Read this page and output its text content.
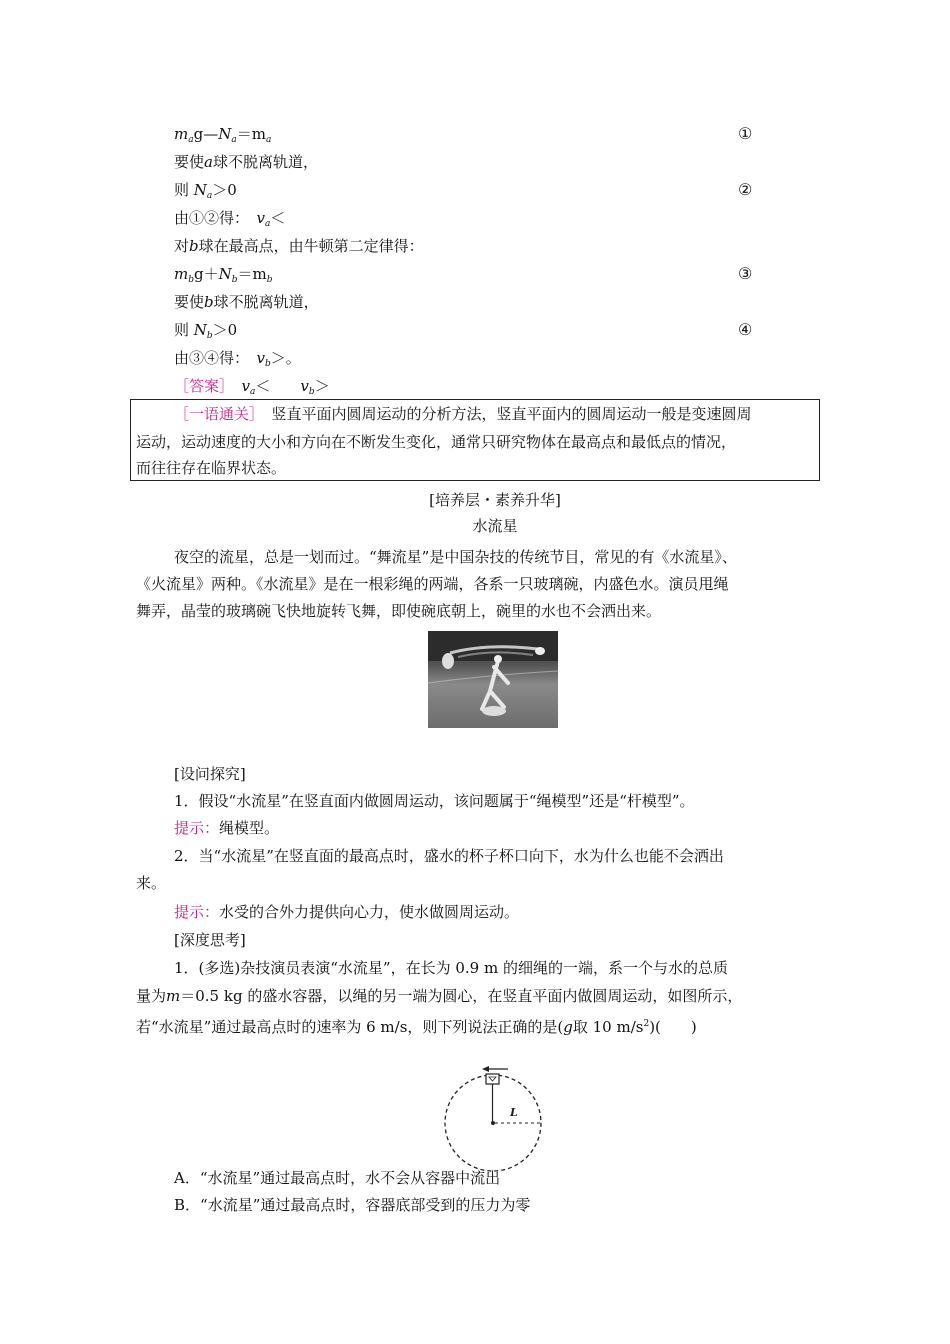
$m_ag—N_a=m_a$	①
要使a球不脱离轨道，
则 $N_a>0$	②
由①②得：　 $v_a<$
对b球在最高点，由牛顿第二定律得：
$m_bg+N_b=m_b$	③
要使b球不脱离轨道，
则 $N_b>0$	④
由③④得：　 $v_b>$。
［答案］　 $v_a<$　　 $v_b>$
［一语通关］　 竖直平面内圆周运动的分析方法，竖直平面内的圆周运动一般是变速圆周
运动，运动速度的大小和方向在不断发生变化，通常只研究物体在最高点和最低点的情况，
而往往存在临界状态。
[培养层・素养升华]
水流星
夜空的流星，总是一划而过。“舞流星”是中国杂技的传统节目，常见的有《水流星》、
《火流星》两种。《水流星》是在一根彩绳的两端，各系一只玻璃碗，内盛色水。演员甩绳
舞弄，晶莹的玻璃碗飞快地旋转飞舞，即使碗底朝上，碗里的水也不会洒出来。
[设问探究]
1．假设“水流星”在竖直面内做圆周运动，该问题属于“绳模型”还是“杆模型”。
提示：绳模型。
2．当“水流星”在竖直面的最高点时，盛水的杯子杯口向下，水为什么也能不会洒出
来。
提示：水受的合外力提供向心力，使水做圆周运动。
[深度思考]
1．(多选)杂技演员表演“水流星”，在长为 0.9 m 的细绳的一端，系一个与水的总质
量为m＝0.5 kg 的盛水容器，以绳的另一端为圆心，在竖直平面内做圆周运动，如图所示，
若“水流星”通过最高点时的速率为 6 m/s，则下列说法正确的是(g取 10 $m/s^2$)(　　)
L
A．“水流星”通过最高点时，水不会从容器中流出
B．“水流星”通过最高点时，容器底部受到的压力为零
